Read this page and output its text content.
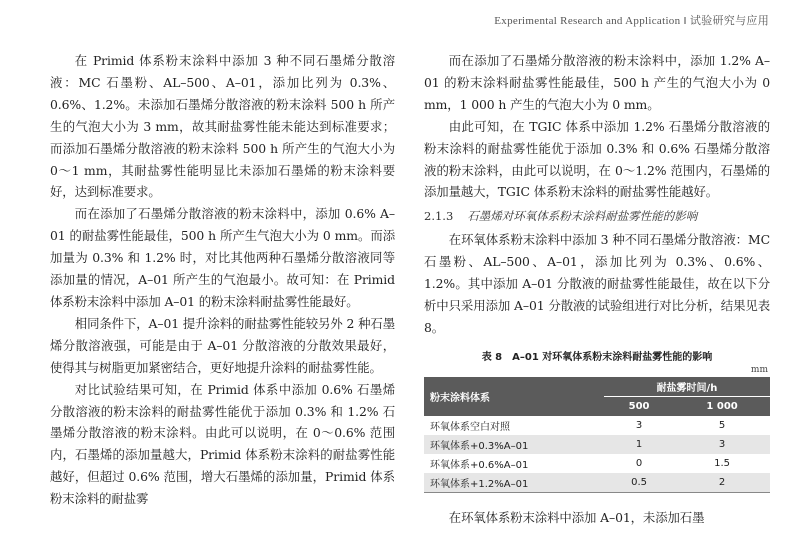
Experimental Research and Application ‖ 试验研究与应用

在 Primid 体系粉末涂料中添加 3 种不同石墨烯分散溶液：MC 石墨粉、AL–500、A–01，添加比列为 0.3%、0.6%、1.2%。未添加石墨烯分散溶液的粉末涂料 500 h 所产生的气泡大小为 3 mm，故其耐盐雾性能未能达到标准要求；而添加石墨烯分散溶液的粉末涂料 500 h 所产生的气泡大小为 0～1 mm，其耐盐雾性能明显比未添加石墨烯的粉末涂料要好，达到标准要求。

而在添加了石墨烯分散溶液的粉末涂料中，添加 0.6% A–01 的耐盐雾性能最佳，500 h 所产生气泡大小为 0 mm。而添加量为 0.3% 和 1.2% 时，对比其他两种石墨烯分散溶液同等添加量的情况，A–01 所产生的气泡最小。故可知：在 Primid 体系粉末涂料中添加 A–01 的粉末涂料耐盐雾性能最好。

相同条件下，A–01 提升涂料的耐盐雾性能较另外 2 种石墨烯分散溶液强，可能是由于 A–01 分散溶液的分散效果最好，使得其与树脂更加紧密结合，更好地提升涂料的耐盐雾性能。

对比试验结果可知，在 Primid 体系中添加 0.6% 石墨烯分散溶液的粉末涂料的耐盐雾性能优于添加 0.3% 和 1.2% 石墨烯分散溶液的粉末涂料。由此可以说明，在 0～0.6% 范围内，石墨烯的添加量越大，Primid 体系粉末涂料的耐盐雾性能越好，但超过 0.6% 范围，增大石墨烯的添加量，Primid 体系粉末涂料的耐盐雾

而在添加了石墨烯分散溶液的粉末涂料中，添加 1.2% A–01 的粉末涂料耐盐雾性能最佳，500 h 产生的气泡大小为 0 mm，1 000 h 产生的气泡大小为 0 mm。

由此可知，在 TGIC 体系中添加 1.2% 石墨烯分散溶液的粉末涂料的耐盐雾性能优于添加 0.3% 和 0.6% 石墨烯分散溶液的粉末涂料，由此可以说明，在 0～1.2% 范围内，石墨烯的添加量越大，TGIC 体系粉末涂料的耐盐雾性能越好。

2.1.3 石墨烯对环氧体系粉末涂料耐盐雾性能的影响

在环氧体系粉末涂料中添加 3 种不同石墨烯分散溶液：MC 石墨粉、AL–500、A–01，添加比列为 0.3%、0.6%、1.2%。其中添加 A–01 分散液的耐盐雾性能最佳，故在以下分析中只采用添加 A–01 分散液的试验组进行对比分析，结果见表 8。

表 8　A–01 对环氧体系粉末涂料耐盐雾性能的影响
mm
粉末涂料体系	耐盐雾时间/h	
	500	1 000
环氧体系空白对照	3	5
环氧体系+0.3%A–01	1	3
环氧体系+0.6%A–01	0	1.5
环氧体系+1.2%A–01	0.5	2

在环氧体系粉末涂料中添加 A–01，未添加石墨
